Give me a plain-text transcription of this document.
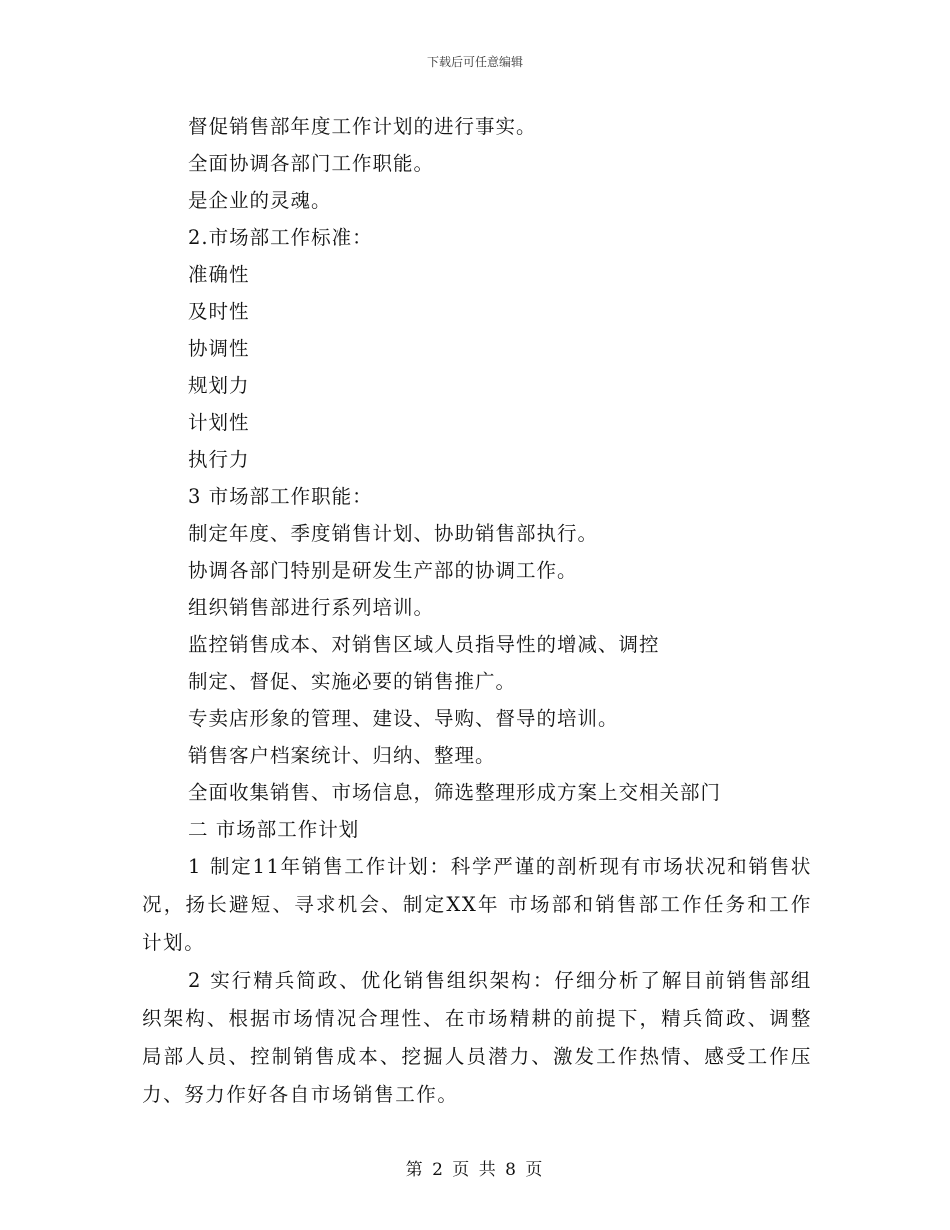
下载后可任意编辑
督促销售部年度工作计划的进行事实。
全面协调各部门工作职能。
是企业的灵魂。
2.市场部工作标准：
准确性
及时性
协调性
规划力
计划性
执行力
3 市场部工作职能：
制定年度、季度销售计划、协助销售部执行。
协调各部门特别是研发生产部的协调工作。
组织销售部进行系列培训。
监控销售成本、对销售区域人员指导性的增减、调控
制定、督促、实施必要的销售推广。
专卖店形象的管理、建设、导购、督导的培训。
销售客户档案统计、归纳、整理。
全面收集销售、市场信息，筛选整理形成方案上交相关部门
二 市场部工作计划

1 制定11年销售工作计划：科学严谨的剖析现有市场状况和销售状况，扬长避短、寻求机会、制定XX年 市场部和销售部工作任务和工作计划。

2 实行精兵简政、优化销售组织架构：仔细分析了解目前销售部组织架构、根据市场情况合理性、在市场精耕的前提下，精兵简政、调整局部人员、控制销售成本、挖掘人员潜力、激发工作热情、感受工作压力、努力作好各自市场销售工作。

第 2 页 共 8 页
